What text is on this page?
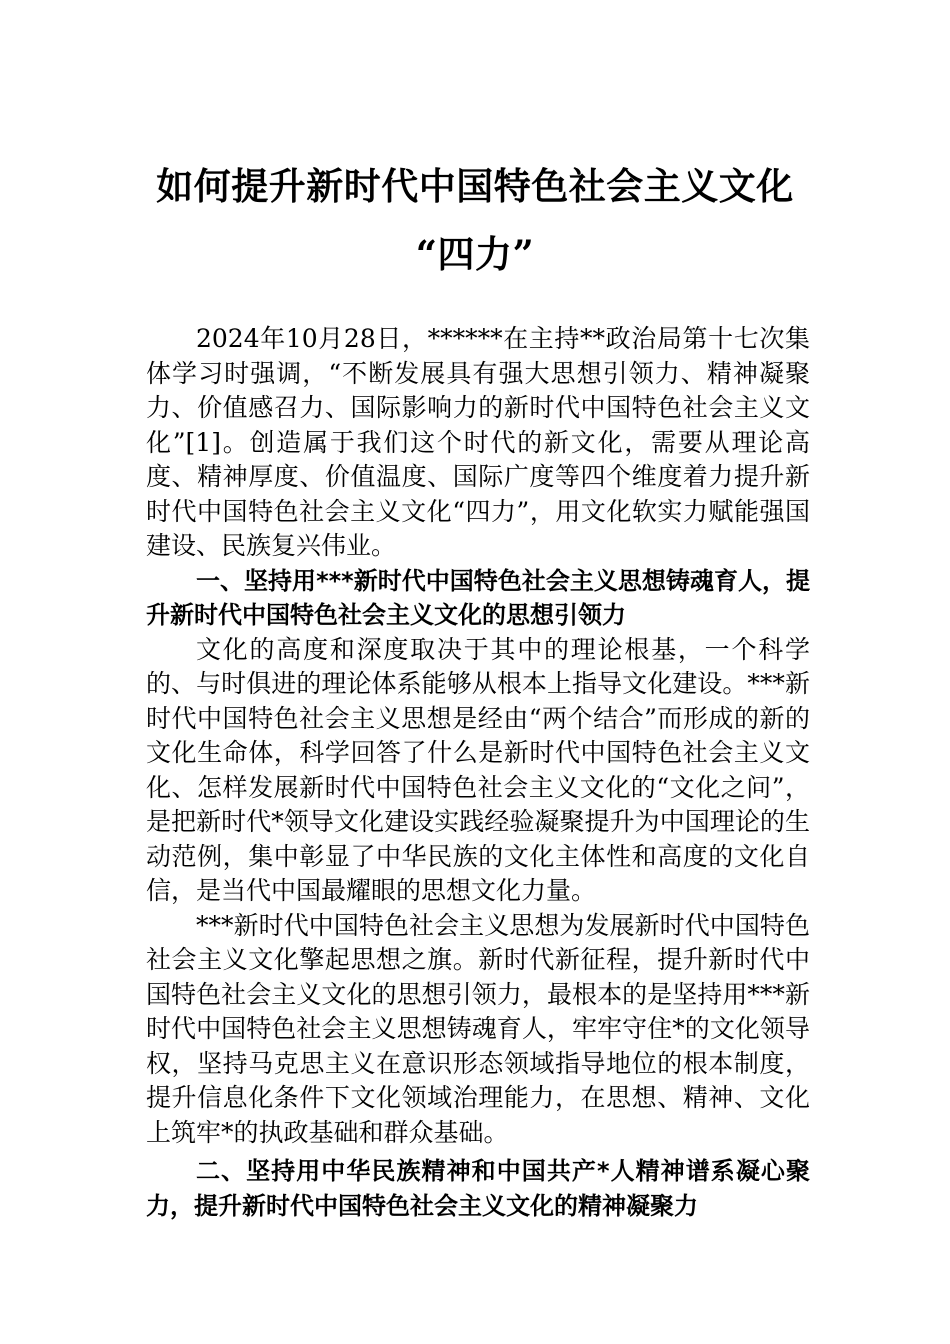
如何提升新时代中国特色社会主义文化
“四力”

2024年10月28日，******在主持**政治局第十七次集体学习时强调，“不断发展具有强大思想引领力、精神凝聚力、价值感召力、国际影响力的新时代中国特色社会主义文化”[1]。创造属于我们这个时代的新文化，需要从理论高度、精神厚度、价值温度、国际广度等四个维度着力提升新时代中国特色社会主义文化“四力”，用文化软实力赋能强国建设、民族复兴伟业。

一、坚持用***新时代中国特色社会主义思想铸魂育人，提升新时代中国特色社会主义文化的思想引领力

文化的高度和深度取决于其中的理论根基，一个科学的、与时俱进的理论体系能够从根本上指导文化建设。***新时代中国特色社会主义思想是经由“两个结合”而形成的新的文化生命体，科学回答了什么是新时代中国特色社会主义文化、怎样发展新时代中国特色社会主义文化的“文化之问”，是把新时代*领导文化建设实践经验凝聚提升为中国理论的生动范例，集中彰显了中华民族的文化主体性和高度的文化自信，是当代中国最耀眼的思想文化力量。

***新时代中国特色社会主义思想为发展新时代中国特色社会主义文化擎起思想之旗。新时代新征程，提升新时代中国特色社会主义文化的思想引领力，最根本的是坚持用***新时代中国特色社会主义思想铸魂育人，牢牢守住*的文化领导权，坚持马克思主义在意识形态领域指导地位的根本制度，提升信息化条件下文化领域治理能力，在思想、精神、文化上筑牢*的执政基础和群众基础。

二、坚持用中华民族精神和中国共产*人精神谱系凝心聚力，提升新时代中国特色社会主义文化的精神凝聚力
